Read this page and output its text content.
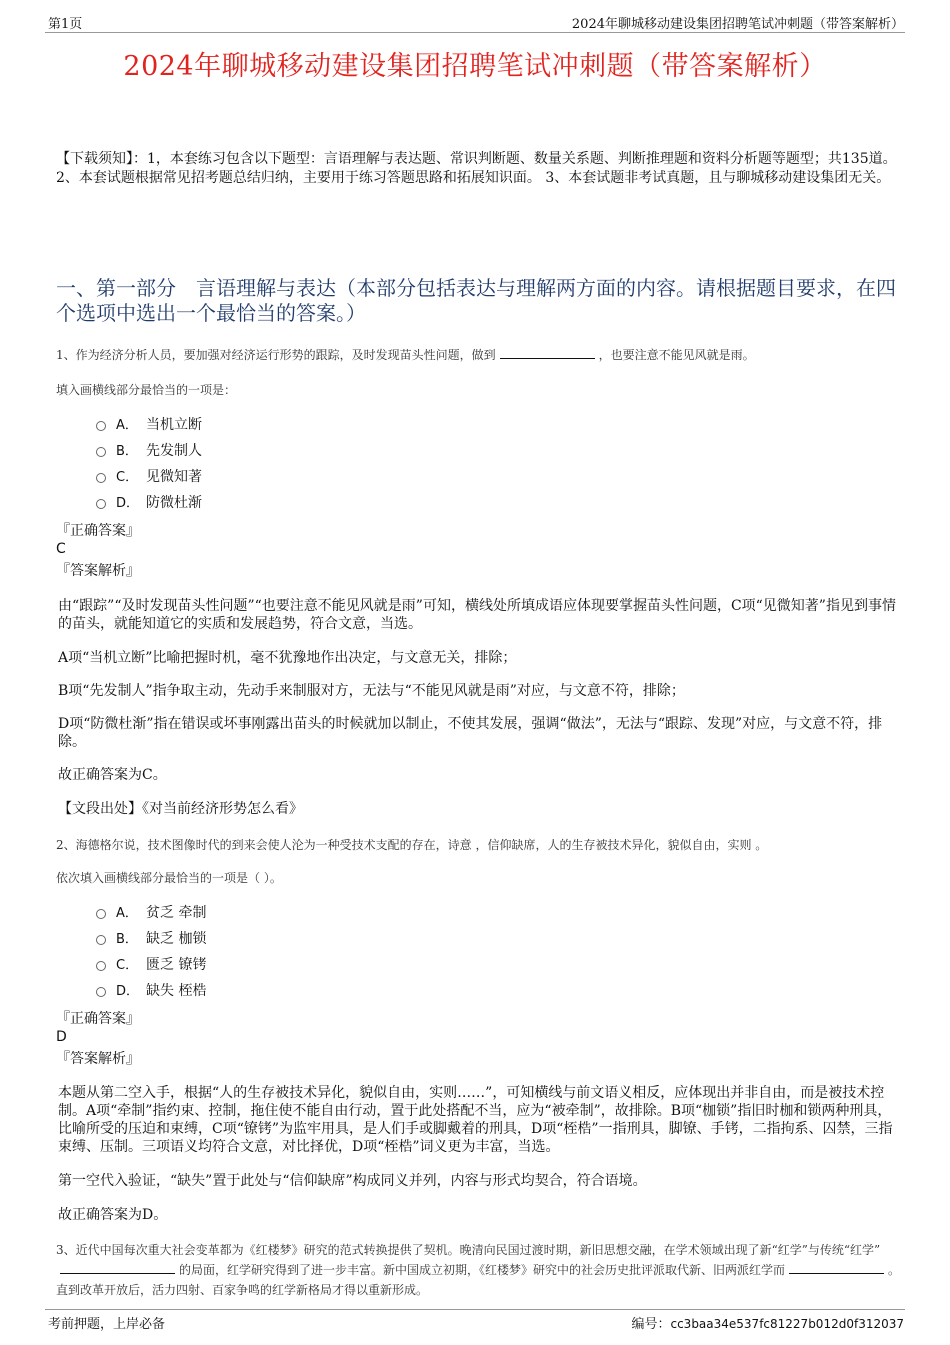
第1页	2024年聊城移动建设集团招聘笔试冲刺题（带答案解析）
2024年聊城移动建设集团招聘笔试冲刺题（带答案解析）
【下载须知】：1，本套练习包含以下题型：言语理解与表达题、常识判断题、数量关系题、判断推理题和资料分析题等题型；共135道。 2、本套试题根据常见招考题总结归纳，主要用于练习答题思路和拓展知识面。 3、本套试题非考试真题，且与聊城移动建设集团无关。
一、第一部分　言语理解与表达（本部分包括表达与理解两方面的内容。请根据题目要求，在四个选项中选出一个最恰当的答案。）
1、作为经济分析人员，要加强对经济运行形势的跟踪，及时发现苗头性问题，做到	，也要注意不能见风就是雨。
填入画横线部分最恰当的一项是：
A． 当机立断
B． 先发制人
C． 见微知著
D． 防微杜渐
『正确答案』
C
『答案解析』
由“跟踪”“及时发现苗头性问题”“也要注意不能见风就是雨”可知，横线处所填成语应体现要掌握苗头性问题，C项“见微知著”指见到事情的苗头，就能知道它的实质和发展趋势，符合文意，当选。
A项“当机立断”比喻把握时机，毫不犹豫地作出决定，与文意无关，排除；
B项“先发制人”指争取主动，先动手来制服对方，无法与“不能见风就是雨”对应，与文意不符，排除；
D项“防微杜渐”指在错误或坏事刚露出苗头的时候就加以制止，不使其发展，强调“做法”，无法与“跟踪、发现”对应，与文意不符，排除。
故正确答案为C。
【文段出处】《对当前经济形势怎么看》
2、海德格尔说，技术图像时代的到来会使人沦为一种受技术支配的存在，诗意 ，信仰缺席，人的生存被技术异化，貌似自由，实则 。
依次填入画横线部分最恰当的一项是（ ）。
A． 贫乏 牵制
B． 缺乏 枷锁
C． 匮乏 镣铐
D． 缺失 桎梏
『正确答案』
D
『答案解析』
本题从第二空入手，根据“人的生存被技术异化，貌似自由，实则……”，可知横线与前文语义相反，应体现出并非自由，而是被技术控制。A项“牵制”指约束、控制，拖住使不能自由行动，置于此处搭配不当，应为“被牵制”，故排除。B项“枷锁”指旧时枷和锁两种刑具，比喻所受的压迫和束缚，C项“镣铐”为监牢用具，是人们手或脚戴着的刑具，D项“桎梏”一指刑具，脚镣、手铐，二指拘系、囚禁，三指束缚、压制。三项语义均符合文意，对比择优，D项“桎梏”词义更为丰富，当选。
第一空代入验证，“缺失”置于此处与“信仰缺席”构成同义并列，内容与形式均契合，符合语境。
故正确答案为D。
3、近代中国每次重大社会变革都为《红楼梦》研究的范式转换提供了契机。晚清向民国过渡时期，新旧思想交融，在学术领域出现了新“红学”与传统“红学”的局面，红学研究得到了进一步丰富。新中国成立初期，《红楼梦》研究中的社会历史批评派取代新、旧两派红学而	。直到改革开放后，活力四射、百家争鸣的红学新格局才得以重新形成。
考前押题，上岸必备	编号：cc3baa34e537fc81227b012d0f312037
